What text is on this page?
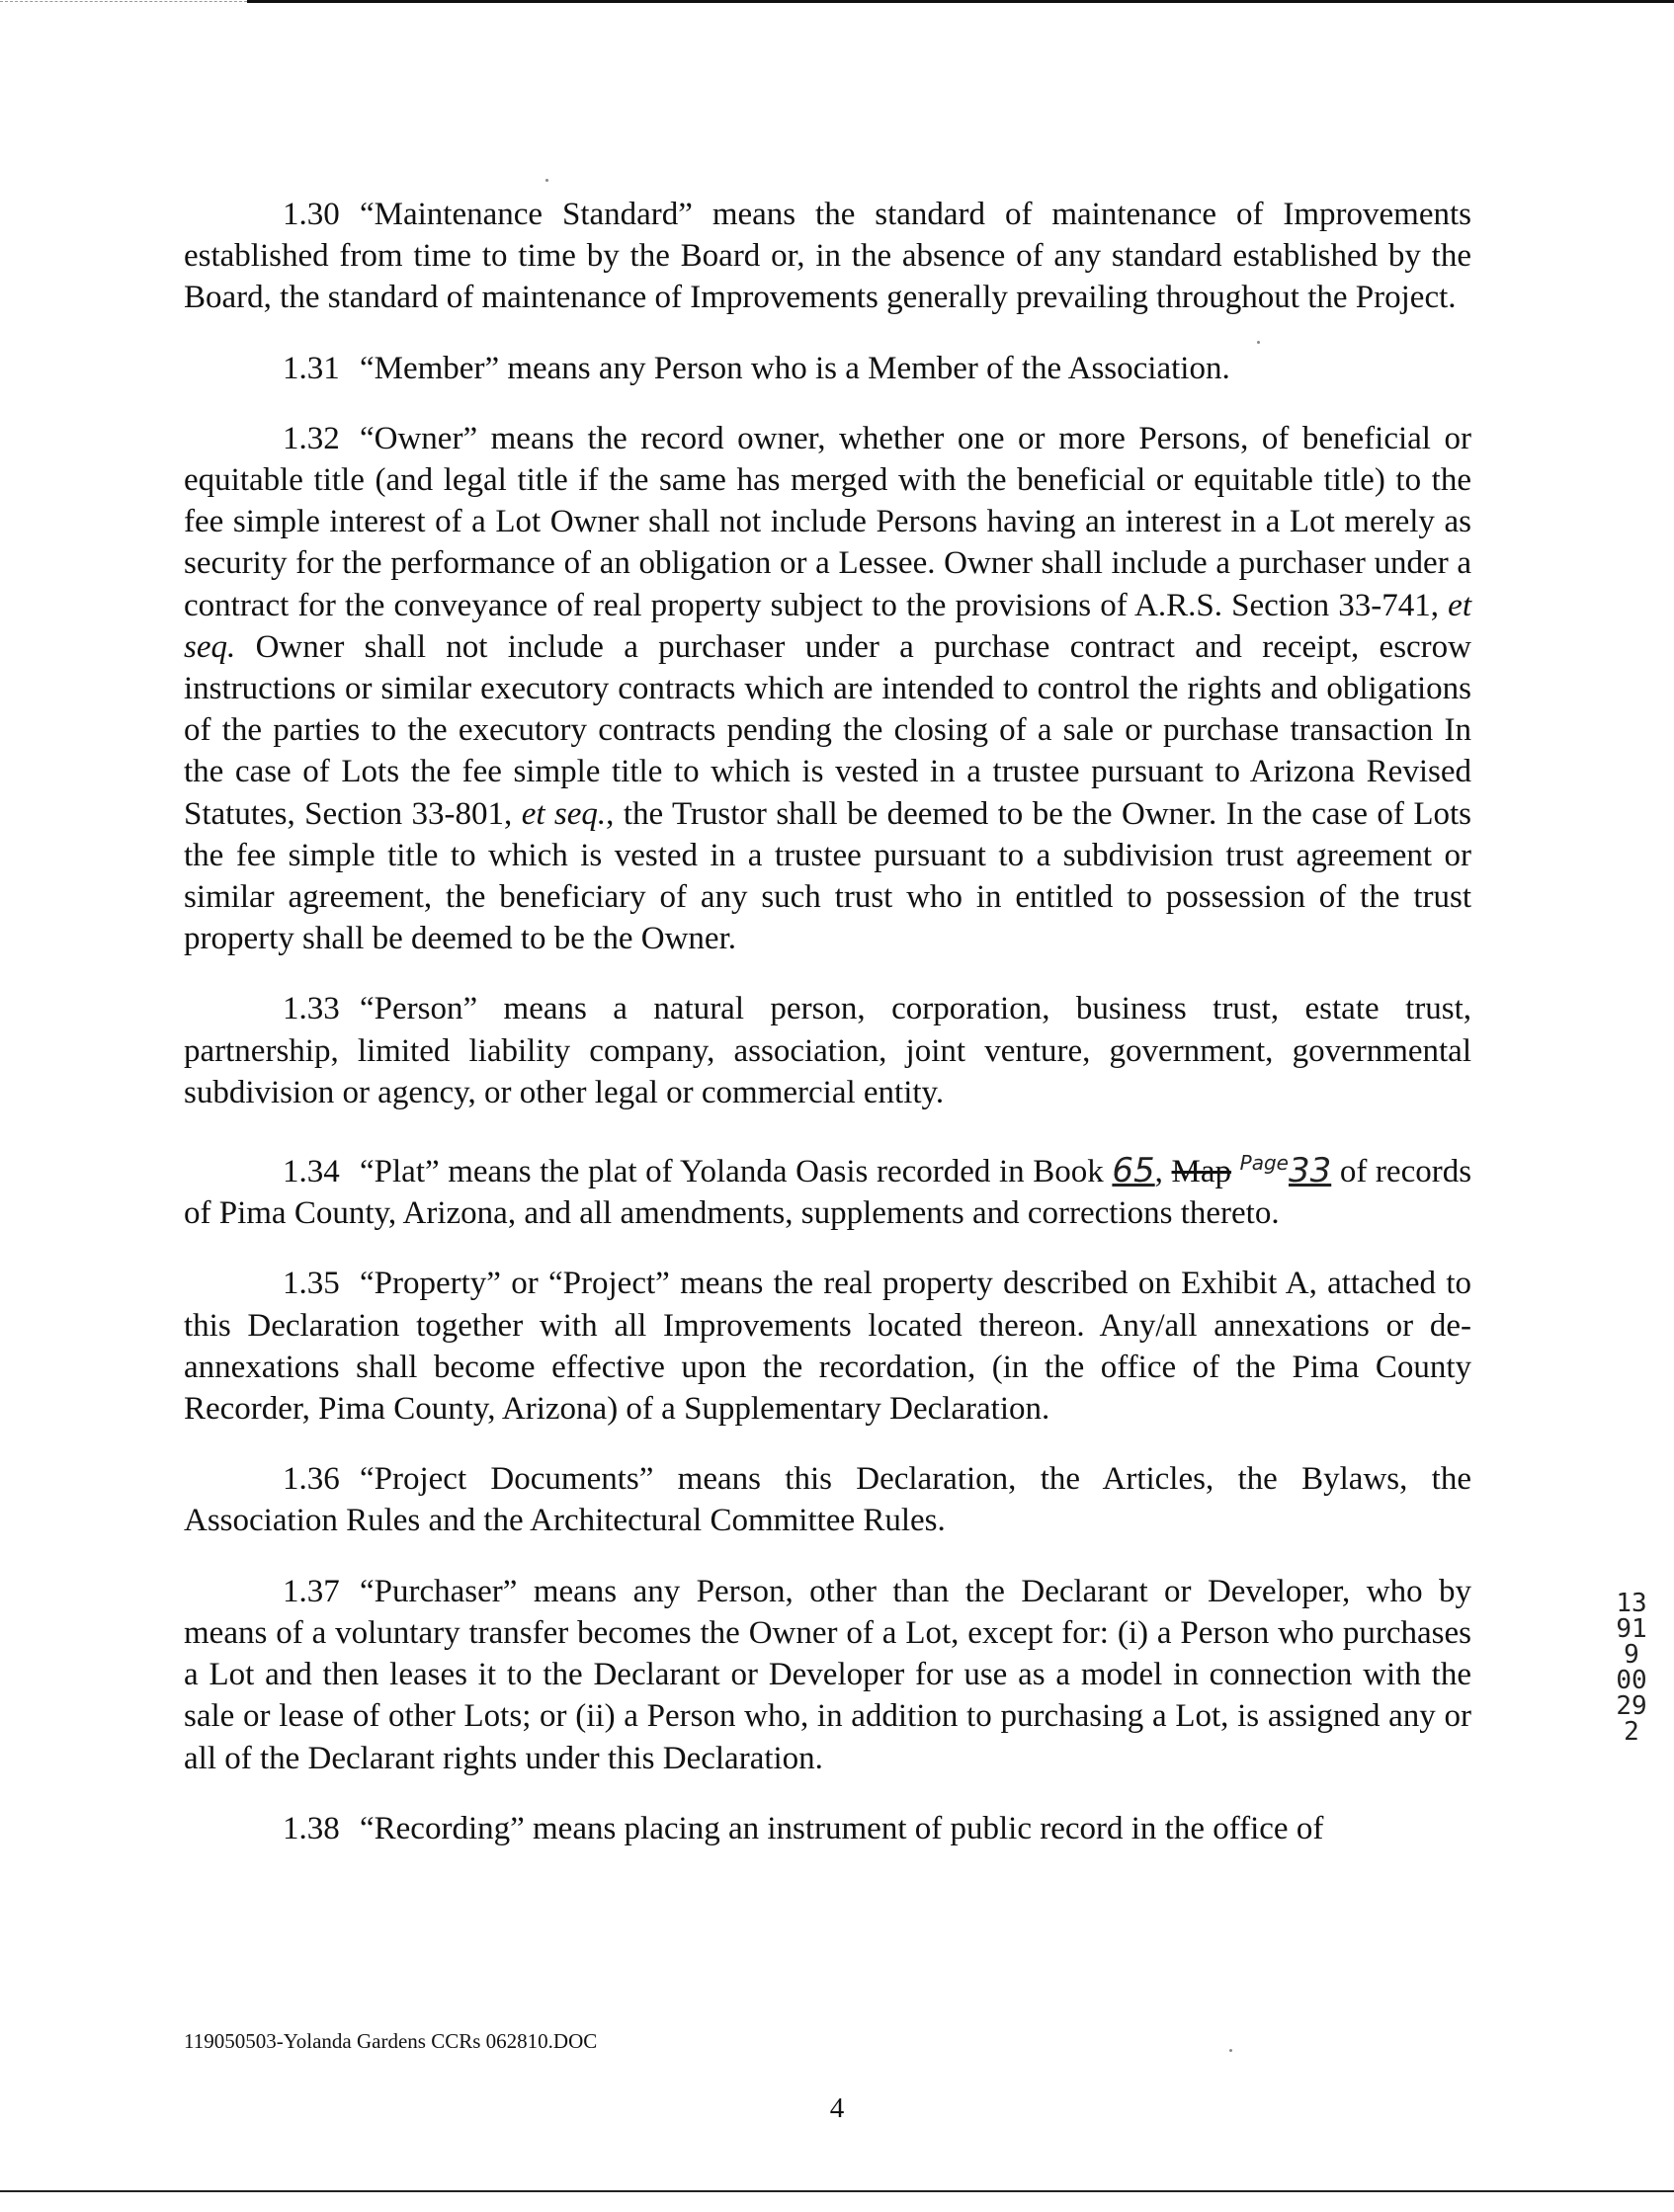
1.30 “Maintenance Standard” means the standard of maintenance of Improvements established from time to time by the Board or, in the absence of any standard established by the Board, the standard of maintenance of Improvements generally prevailing throughout the Project.

1.31 “Member” means any Person who is a Member of the Association.

1.32 “Owner” means the record owner, whether one or more Persons, of beneficial or equitable title (and legal title if the same has merged with the beneficial or equitable title) to the fee simple interest of a Lot Owner shall not include Persons having an interest in a Lot merely as security for the performance of an obligation or a Lessee. Owner shall include a purchaser under a contract for the conveyance of real property subject to the provisions of A.R.S. Section 33-741, et seq. Owner shall not include a purchaser under a purchase contract and receipt, escrow instructions or similar executory contracts which are intended to control the rights and obligations of the parties to the executory contracts pending the closing of a sale or purchase transaction In the case of Lots the fee simple title to which is vested in a trustee pursuant to Arizona Revised Statutes, Section 33-801, et seq., the Trustor shall be deemed to be the Owner. In the case of Lots the fee simple title to which is vested in a trustee pursuant to a subdivision trust agreement or similar agreement, the beneficiary of any such trust who in entitled to possession of the trust property shall be deemed to be the Owner.

1.33 “Person” means a natural person, corporation, business trust, estate trust, partnership, limited liability company, association, joint venture, government, governmental subdivision or agency, or other legal or commercial entity.

1.34 “Plat” means the plat of Yolanda Oasis recorded in Book 65, Map $^{Page}$33 of records of Pima County, Arizona, and all amendments, supplements and corrections thereto.

1.35 “Property” or “Project” means the real property described on Exhibit A, attached to this Declaration together with all Improvements located thereon. Any/all annexations or de-annexations shall become effective upon the recordation, (in the office of the Pima County Recorder, Pima County, Arizona) of a Supplementary Declaration.

1.36 “Project Documents” means this Declaration, the Articles, the Bylaws, the Association Rules and the Architectural Committee Rules.

1.37 “Purchaser” means any Person, other than the Declarant or Developer, who by means of a voluntary transfer becomes the Owner of a Lot, except for: (i) a Person who purchases a Lot and then leases it to the Declarant or Developer for use as a model in connection with the sale or lease of other Lots; or (ii) a Person who, in addition to purchasing a Lot, is assigned any or all of the Declarant rights under this Declaration.

1.38 “Recording” means placing an instrument of public record in the office of

13919 00292
119050503-Yolanda Gardens CCRs 062810.DOC
4
